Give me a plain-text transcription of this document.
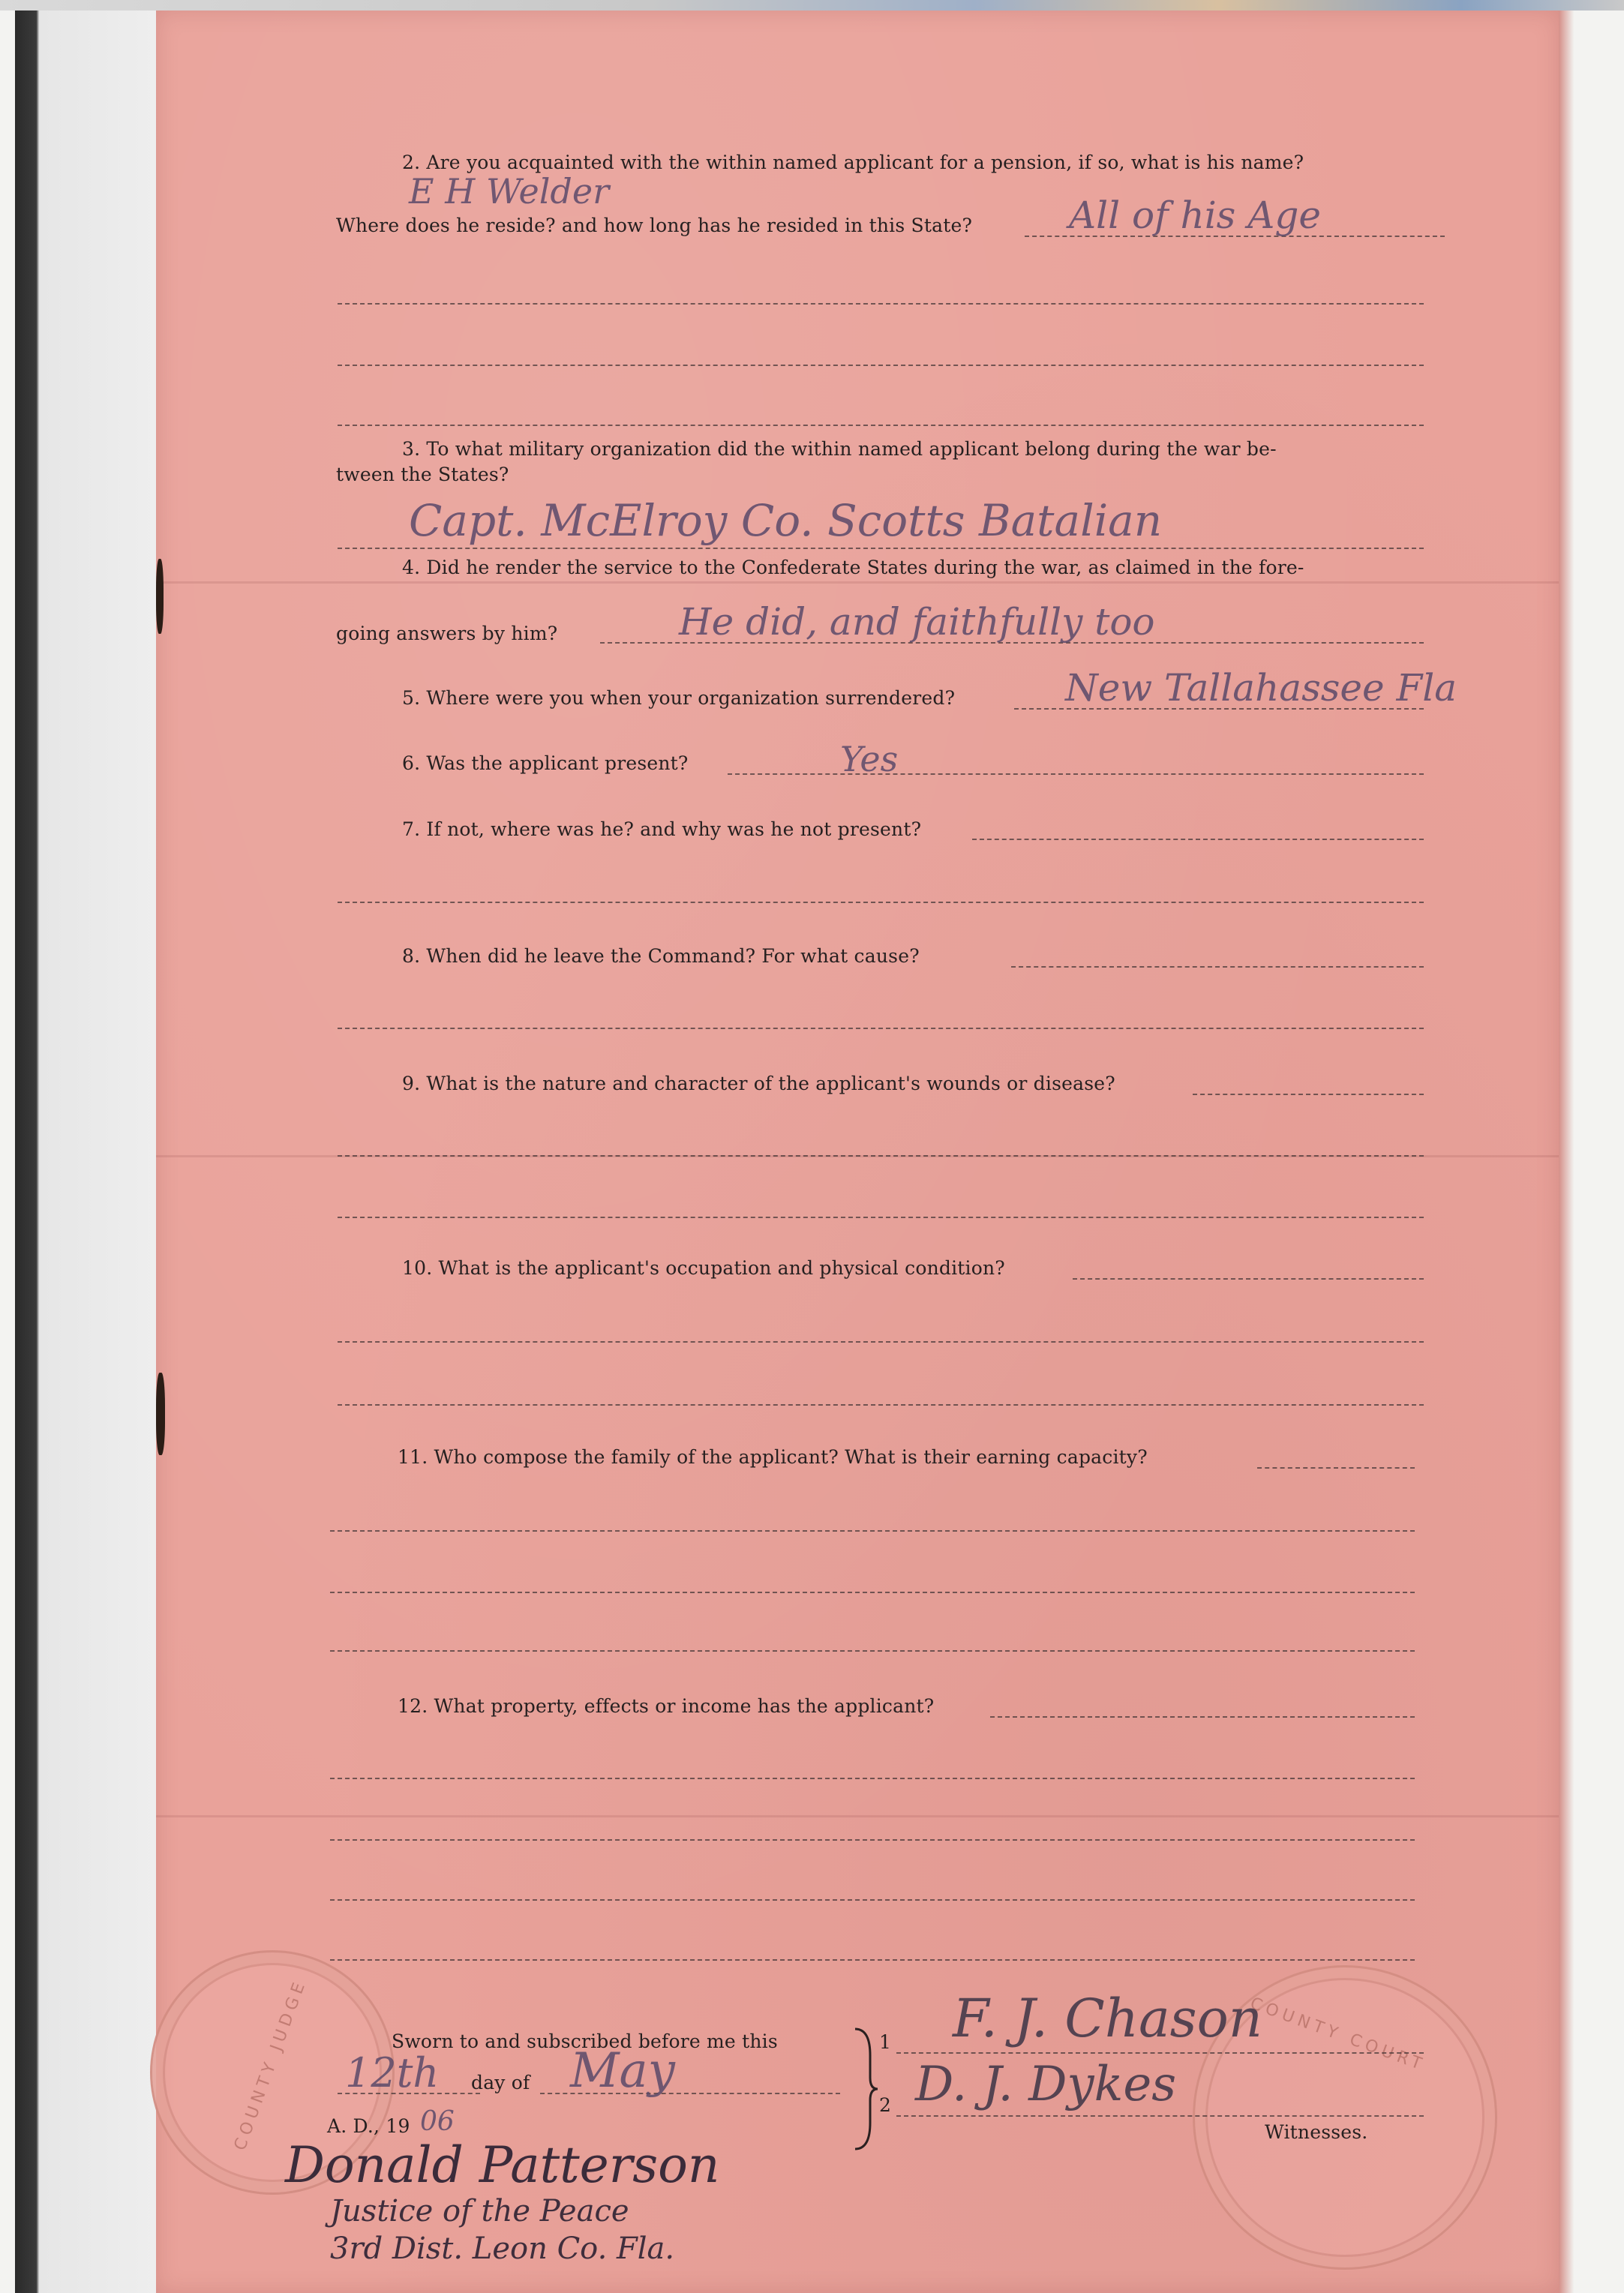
2. Are you acquainted with the within named applicant for a pension, if so, what is his name?
E H Welder
Where does he reside? and how long has he resided in this State?	All of his Age
3. To what military organization did the within named applicant belong during the war be-
tween the States?
Capt. McElroy Co. Scotts Batalian
4. Did he render the service to the Confederate States during the war, as claimed in the fore-
going answers by him?	He did, and faithfully too
5. Where were you when your organization surrendered?	New Tallahassee Fla
6. Was the applicant present?	Yes
7. If not, where was he? and why was he not present?
8. When did he leave the Command? For what cause?
9. What is the nature and character of the applicant's wounds or disease?
10. What is the applicant's occupation and physical condition?
11. Who compose the family of the applicant? What is their earning capacity?
12. What property, effects or income has the applicant?
COUNTY JUDGE	COUNTY COURT
Sworn to and subscribed before me this
12th day of May
A. D., 19 06
Donald Patterson
Justice of the Peace
3rd Dist. Leon Co. Fla.
1 F. J. Chason
2 D. J. Dykes
Witnesses.
